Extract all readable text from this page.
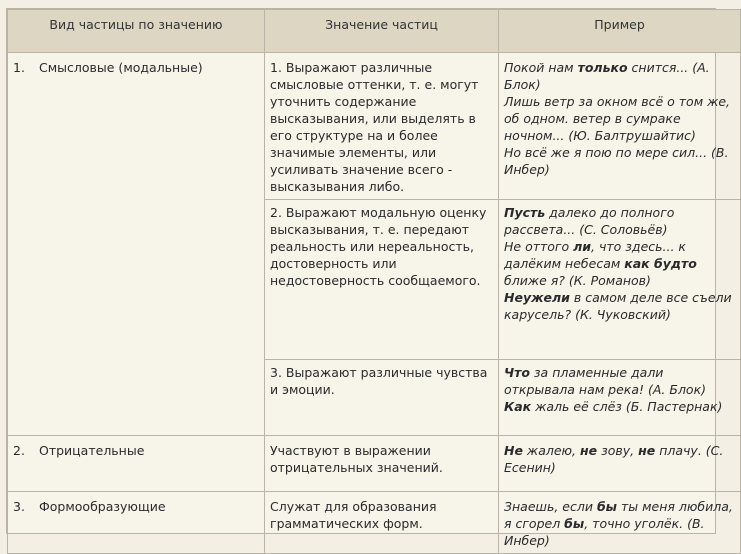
Вид частицы по значению	Значение частиц	Пример
1. Смысловые (модальные)	1. Выражают различные смысловые оттенки, т. е. могут уточнить содержание высказывания, или выделять в его структуре на и более значимые элементы, или усиливать значение всего - высказывания либо.	Покой нам только снится... (А. Блок)
Лишь ветр за окном всё о том же, об одном. ветер в сумраке ночном... (Ю. Балтрушайтис)
Но всё же я пою по мере сил... (В. Инбер)
	2. Выражают модальную оценку высказывания, т. е. передают реальность или нереальность, достоверность или недостоверность сообщаемого.	Пусть далеко до полного рассвета... (С. Соловьёв)
Не оттого ли, что здесь... к далёким небесам как будто ближе я? (К. Романов)
Неужели в самом деле все съели карусель? (К. Чуковский)
	3. Выражают различные чувства и эмоции.	Что за пламенные дали открывала нам река! (А. Блок)
Как жаль её слёз (Б. Пастернак)
2. Отрицательные	Участвуют в выражении отрицательных значений.	Не жалею, не зову, не плачу. (С. Есенин)
3. Формообразующие	Служат для образования грамматических форм.	Знаешь, если бы ты меня любила, я сгорел бы, точно уголёк. (В. Инбер)
